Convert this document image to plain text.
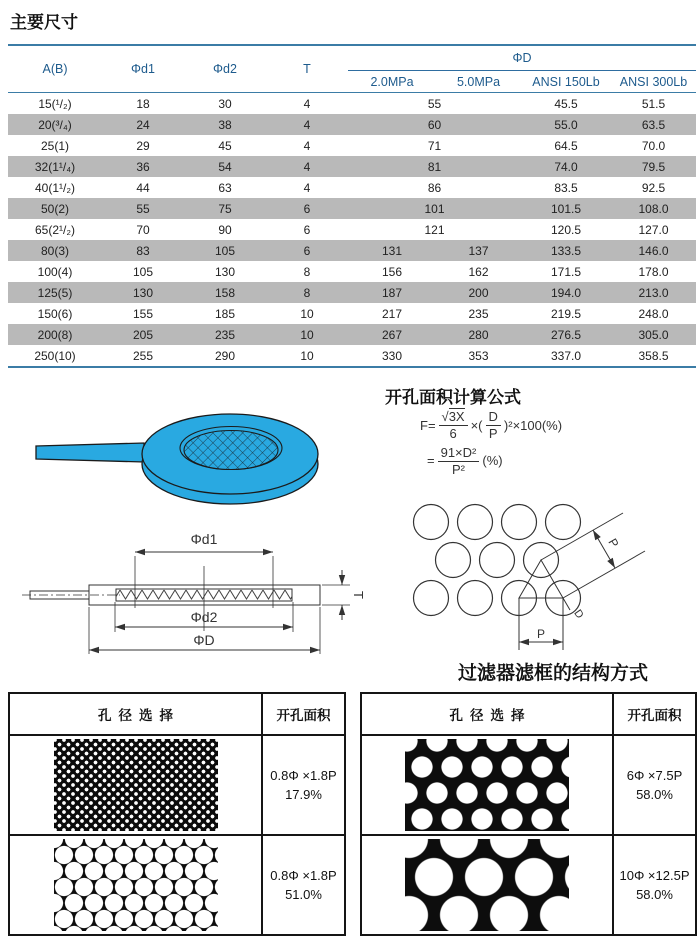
主要尺寸
A(B)	Φd1	Φd2	T	ΦD			
				2.0MPa	5.0MPa	ANSI 150Lb	ANSI 300Lb
15(¹/₂)	18	30	4	55		45.5	51.5
20(³/₄)	24	38	4	60		55.0	63.5
25(1)	29	45	4	71		64.5	70.0
32(1¹/₄)	36	54	4	81		74.0	79.5
40(1¹/₂)	44	63	4	86		83.5	92.5
50(2)	55	75	6	101		101.5	108.0
65(2¹/₂)	70	90	6	121		120.5	127.0
80(3)	83	105	6	131	137	133.5	146.0
100(4)	105	130	8	156	162	171.5	178.0
125(5)	130	158	8	187	200	194.0	213.0
150(6)	155	185	10	217	235	219.5	248.0
200(8)	205	235	10	267	280	276.5	305.0
250(10)	255	290	10	330	353	337.0	358.5
开孔面积计算公式
$F= \frac{√3X}{6}$ ×( $\frac{D}{P} )^2\times 100(\%)$
= $\frac{\text{91×D²}}{\text{P²}}$ (%)
Φd1
Φd2
ΦD
T
P
P
D
过滤器滤框的结构方式
孔径选择	开孔面积

	0.8Φ ×1.8P
17.9%

	0.8Φ ×1.8P
51.0%
孔径选择	开孔面积

	6Φ ×7.5P
58.0%

	10Φ ×12.5P
58.0%
